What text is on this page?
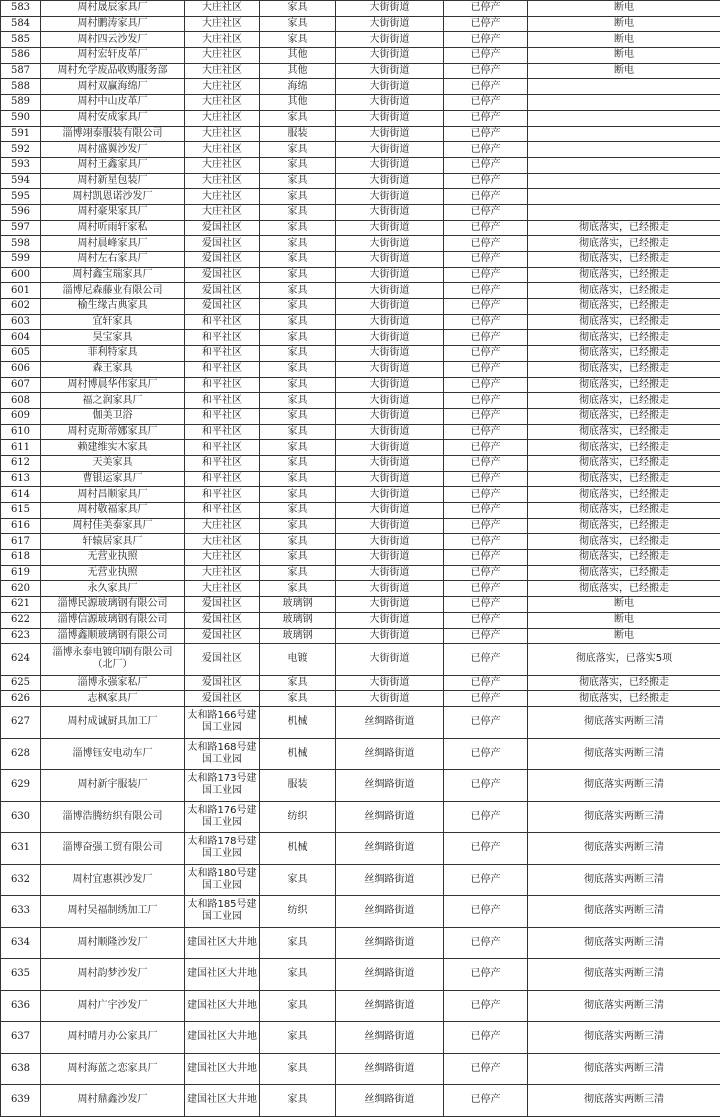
583	周村晟辰家具厂	大庄社区	家具	大街街道	已停产	断电
584	周村鹏涛家具厂	大庄社区	家具	大街街道	已停产	断电
585	周村四云沙发厂	大庄社区	家具	大街街道	已停产	断电
586	周村宏轩皮革厂	大庄社区	其他	大街街道	已停产	断电
587	周村允学废品收购服务部	大庄社区	其他	大街街道	已停产	断电
588	周村双赢海绵厂	大庄社区	海绵	大街街道	已停产	
589	周村中山皮革厂	大庄社区	其他	大街街道	已停产	
590	周村安成家具厂	大庄社区	家具	大街街道	已停产	
591	淄博翊泰服装有限公司	大庄社区	服装	大街街道	已停产	
592	周村盛翼沙发厂	大庄社区	家具	大街街道	已停产	
593	周村王鑫家具厂	大庄社区	家具	大街街道	已停产	
594	周村新星包装厂	大庄社区	家具	大街街道	已停产	
595	周村凯恩诺沙发厂	大庄社区	家具	大街街道	已停产	
596	周村豪果家具厂	大庄社区	家具	大街街道	已停产	
597	周村听雨轩家私	爱国社区	家具	大街街道	已停产	彻底落实，已经搬走
598	周村晨峰家具厂	爱国社区	家具	大街街道	已停产	彻底落实，已经搬走
599	周村左右家具厂	爱国社区	家具	大街街道	已停产	彻底落实，已经搬走
600	周村鑫宝瑞家具厂	爱国社区	家具	大街街道	已停产	彻底落实，已经搬走
601	淄博尼森藤业有限公司	爱国社区	家具	大街街道	已停产	彻底落实，已经搬走
602	榆生缘古典家具	爱国社区	家具	大街街道	已停产	彻底落实，已经搬走
603	宜轩家具	和平社区	家具	大街街道	已停产	彻底落实，已经搬走
604	昊宝家具	和平社区	家具	大街街道	已停产	彻底落实，已经搬走
605	菲利特家具	和平社区	家具	大街街道	已停产	彻底落实，已经搬走
606	森王家具	和平社区	家具	大街街道	已停产	彻底落实，已经搬走
607	周村博晨华伟家具厂	和平社区	家具	大街街道	已停产	彻底落实，已经搬走
608	福之润家具厂	和平社区	家具	大街街道	已停产	彻底落实，已经搬走
609	伽美卫浴	和平社区	家具	大街街道	已停产	彻底落实，已经搬走
610	周村克斯蒂娜家具厂	和平社区	家具	大街街道	已停产	彻底落实，已经搬走
611	赖建维实木家具	和平社区	家具	大街街道	已停产	彻底落实，已经搬走
612	天美家具	和平社区	家具	大街街道	已停产	彻底落实，已经搬走
613	曹银运家具厂	和平社区	家具	大街街道	已停产	彻底落实，已经搬走
614	周村昌顺家具厂	和平社区	家具	大街街道	已停产	彻底落实，已经搬走
615	周村敬福家具厂	和平社区	家具	大街街道	已停产	彻底落实，已经搬走
616	周村佳美泰家具厂	大庄社区	家具	大街街道	已停产	彻底落实，已经搬走
617	轩辕居家具厂	大庄社区	家具	大街街道	已停产	彻底落实，已经搬走
618	无营业执照	大庄社区	家具	大街街道	已停产	彻底落实，已经搬走
619	无营业执照	大庄社区	家具	大街街道	已停产	彻底落实，已经搬走
620	永久家具厂	大庄社区	家具	大街街道	已停产	彻底落实，已经搬走
621	淄博民源玻璃钢有限公司	爱国社区	玻璃钢	大街街道	已停产	断电
622	淄博信源玻璃钢有限公司	爱国社区	玻璃钢	大街街道	已停产	断电
623	淄博鑫顺玻璃钢有限公司	爱国社区	玻璃钢	大街街道	已停产	断电
624	淄博永泰电镀印刷有限公司（北厂）	爱国社区	电镀	大街街道	已停产	彻底落实，已落实5项
625	淄博永强家私厂	爱国社区	家具	大街街道	已停产	彻底落实，已经搬走
626	志枫家具厂	爱国社区	家具	大街街道	已停产	彻底落实，已经搬走
627	周村成诚厨具加工厂	太和路166号建国工业园	机械	丝绸路街道	已停产	彻底落实两断三清
628	淄博钰安电动车厂	太和路168号建国工业园	机械	丝绸路街道	已停产	彻底落实两断三清
629	周村新宇服装厂	太和路173号建国工业园	服装	丝绸路街道	已停产	彻底落实两断三清
630	淄博浩腾纺织有限公司	太和路176号建国工业园	纺织	丝绸路街道	已停产	彻底落实两断三清
631	淄博奋强工贸有限公司	太和路178号建国工业园	机械	丝绸路街道	已停产	彻底落实两断三清
632	周村宜惠祺沙发厂	太和路180号建国工业园	家具	丝绸路街道	已停产	彻底落实两断三清
633	周村吴福制绣加工厂	太和路185号建国工业园	纺织	丝绸路街道	已停产	彻底落实两断三清
634	周村顺隆沙发厂	建国社区大井地	家具	丝绸路街道	已停产	彻底落实两断三清
635	周村韵梦沙发厂	建国社区大井地	家具	丝绸路街道	已停产	彻底落实两断三清
636	周村广宇沙发厂	建国社区大井地	家具	丝绸路街道	已停产	彻底落实两断三清
637	周村晴月办公家具厂	建国社区大井地	家具	丝绸路街道	已停产	彻底落实两断三清
638	周村海蓝之恋家具厂	建国社区大井地	家具	丝绸路街道	已停产	彻底落实两断三清
639	周村鼎鑫沙发厂	建国社区大井地	家具	丝绸路街道	已停产	彻底落实两断三清
